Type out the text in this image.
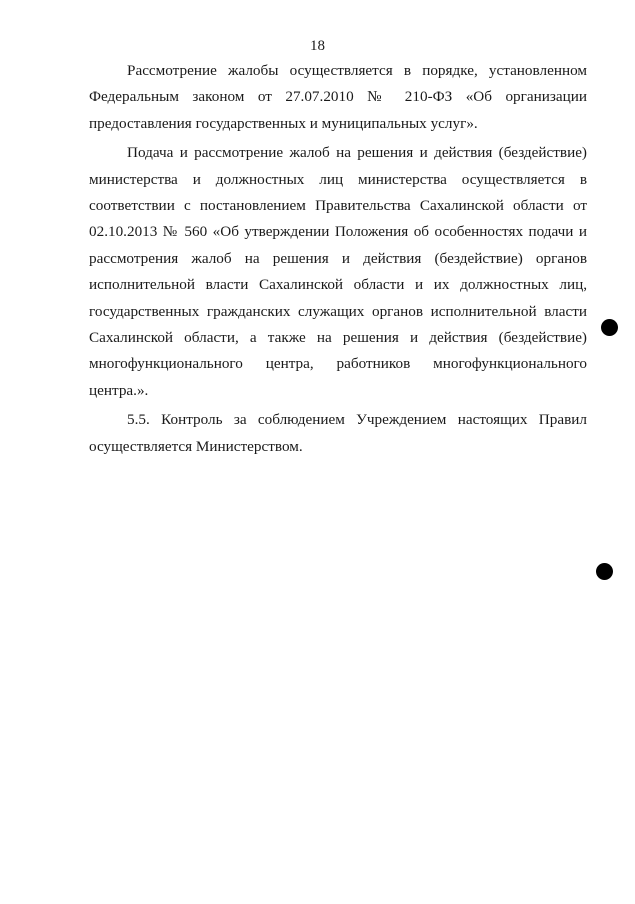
18

Рассмотрение жалобы осуществляется в порядке, установленном Федеральным законом от 27.07.2010 № 210-ФЗ «Об организации предоставления государственных и муниципальных услуг».

Подача и рассмотрение жалоб на решения и действия (бездействие) министерства и должностных лиц министерства осуществляется в соответствии с постановлением Правительства Сахалинской области от 02.10.2013 № 560 «Об утверждении Положения об особенностях подачи и рассмотрения жалоб на решения и действия (бездействие) органов исполнительной власти Сахалинской области и их должностных лиц, государственных гражданских служащих органов исполнительной власти Сахалинской области, а также на решения и действия (бездействие) многофункционального центра, работников многофункционального центра.».

5.5. Контроль за соблюдением Учреждением настоящих Правил осуществляется Министерством.
